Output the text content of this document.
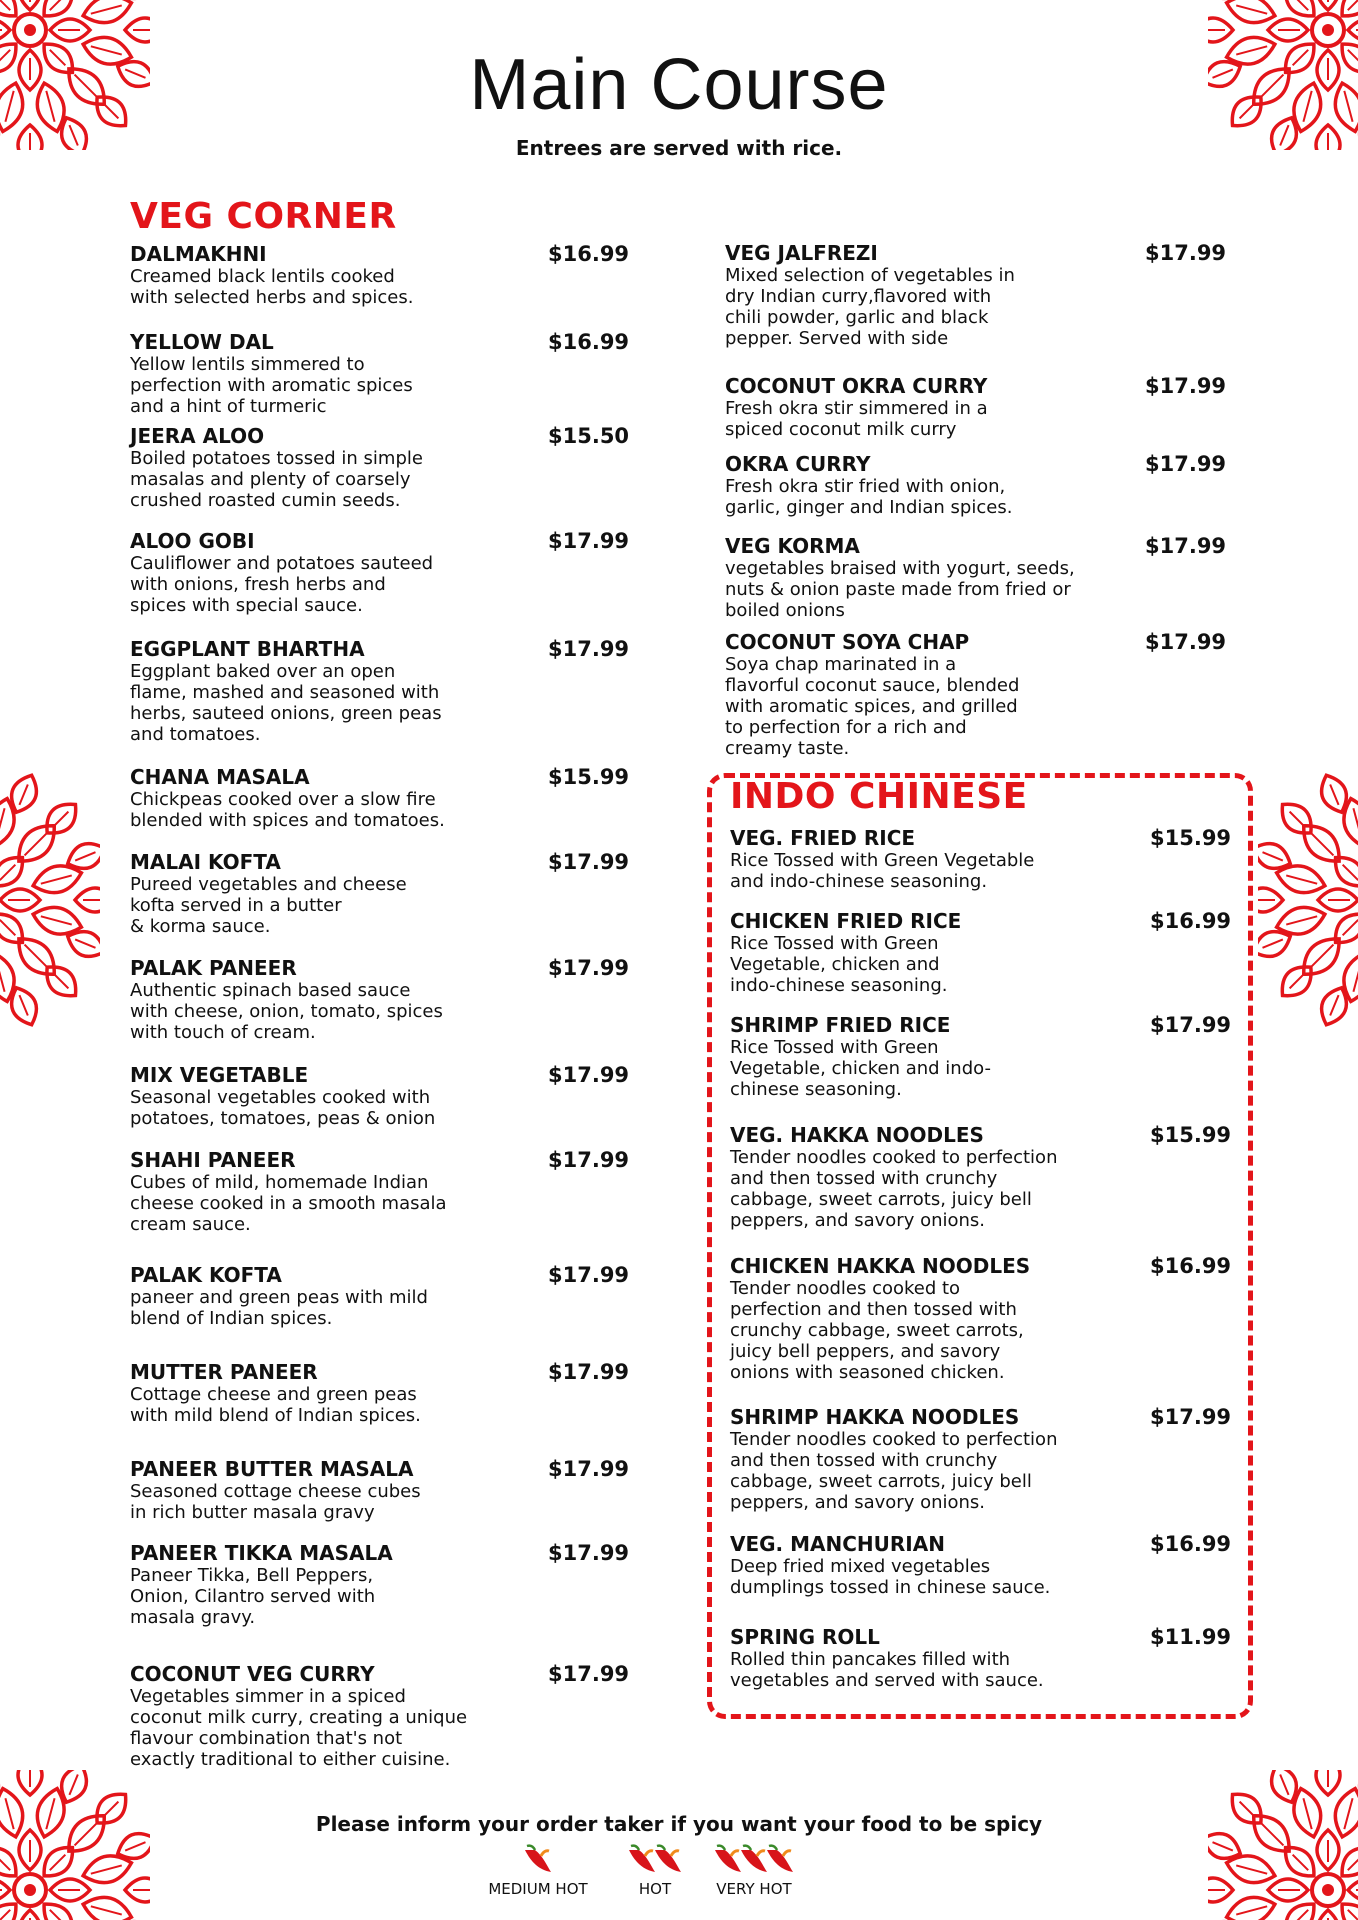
Main Course
Entrees are served with rice.
VEG CORNER
INDO CHINESE
DALMAKHNI	$16.99
Creamed black lentils cooked
with selected herbs and spices.
YELLOW DAL	$16.99
Yellow lentils simmered to
perfection with aromatic spices
and a hint of turmeric
JEERA ALOO	$15.50
Boiled potatoes tossed in simple
masalas and plenty of coarsely
crushed roasted cumin seeds.
ALOO GOBI	$17.99
Cauliflower and potatoes sauteed
with onions, fresh herbs and
spices with special sauce.
EGGPLANT BHARTHA	$17.99
Eggplant baked over an open
flame, mashed and seasoned with
herbs, sauteed onions, green peas
and tomatoes.
CHANA MASALA	$15.99
Chickpeas cooked over a slow fire
blended with spices and tomatoes.
MALAI KOFTA	$17.99
Pureed vegetables and cheese
kofta served in a butter
& korma sauce.
PALAK PANEER	$17.99
Authentic spinach based sauce
with cheese, onion, tomato, spices
with touch of cream.
MIX VEGETABLE	$17.99
Seasonal vegetables cooked with
potatoes, tomatoes, peas & onion
SHAHI PANEER	$17.99
Cubes of mild, homemade Indian
cheese cooked in a smooth masala
cream sauce.
PALAK KOFTA	$17.99
paneer and green peas with mild
blend of Indian spices.
MUTTER PANEER	$17.99
Cottage cheese and green peas
with mild blend of Indian spices.
PANEER BUTTER MASALA	$17.99
Seasoned cottage cheese cubes
in rich butter masala gravy
PANEER TIKKA MASALA	$17.99
Paneer Tikka, Bell Peppers,
Onion, Cilantro served with
masala gravy.
COCONUT VEG CURRY	$17.99
Vegetables simmer in a spiced
coconut milk curry, creating a unique
flavour combination that's not
exactly traditional to either cuisine.
VEG JALFREZI	$17.99
Mixed selection of vegetables in
dry Indian curry,flavored with
chili powder, garlic and black
pepper. Served with side
COCONUT OKRA CURRY	$17.99
Fresh okra stir simmered in a
spiced coconut milk curry
OKRA CURRY	$17.99
Fresh okra stir fried with onion,
garlic, ginger and Indian spices.
VEG KORMA	$17.99
vegetables braised with yogurt, seeds,
nuts & onion paste made from fried or
boiled onions
COCONUT SOYA CHAP	$17.99
Soya chap marinated in a
flavorful coconut sauce, blended
with aromatic spices, and grilled
to perfection for a rich and
creamy taste.
VEG. FRIED RICE	$15.99
Rice Tossed with Green Vegetable
and indo-chinese seasoning.
CHICKEN FRIED RICE	$16.99
Rice Tossed with Green
Vegetable, chicken and
indo-chinese seasoning.
SHRIMP FRIED RICE	$17.99
Rice Tossed with Green
Vegetable, chicken and indo-
chinese seasoning.
VEG. HAKKA NOODLES	$15.99
Tender noodles cooked to perfection
and then tossed with crunchy
cabbage, sweet carrots, juicy bell
peppers, and savory onions.
CHICKEN HAKKA NOODLES	$16.99
Tender noodles cooked to
perfection and then tossed with
crunchy cabbage, sweet carrots,
juicy bell peppers, and savory
onions with seasoned chicken.
SHRIMP HAKKA NOODLES	$17.99
Tender noodles cooked to perfection
and then tossed with crunchy
cabbage, sweet carrots, juicy bell
peppers, and savory onions.
VEG. MANCHURIAN	$16.99
Deep fried mixed vegetables
dumplings tossed in chinese sauce.
SPRING ROLL	$11.99
Rolled thin pancakes filled with
vegetables and served with sauce.
Please inform your order taker if you want your food to be spicy
MEDIUM HOT	HOT	VERY HOT
